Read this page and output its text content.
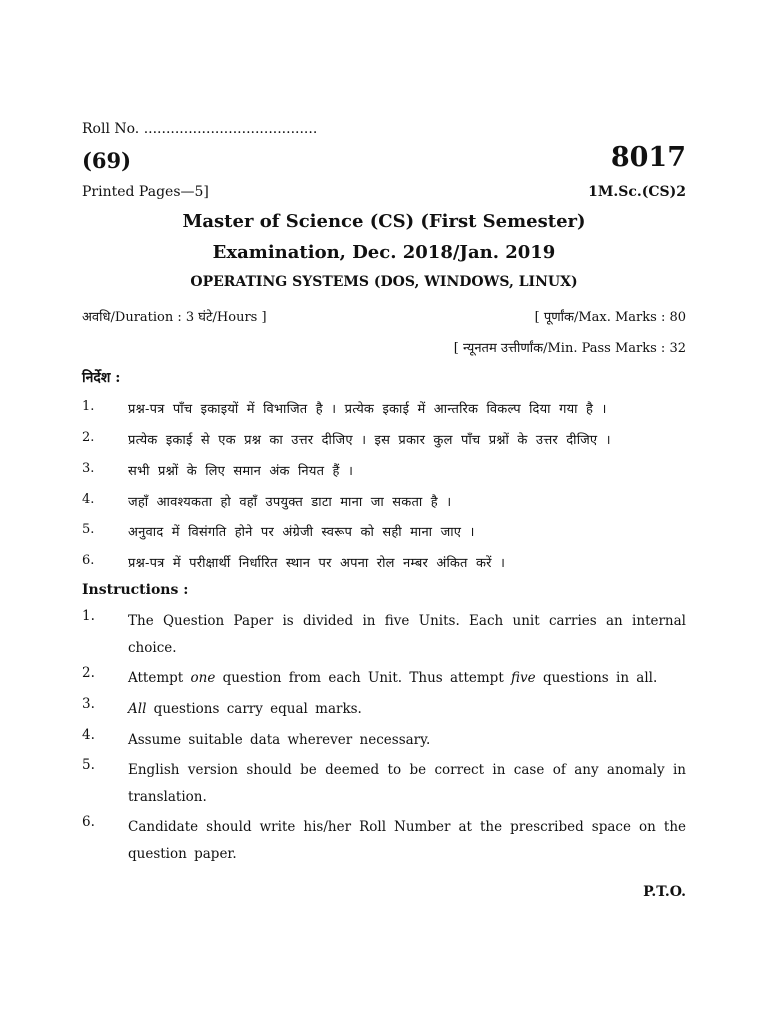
Roll No. .......................................
(69)	8017
Printed Pages—5]	1M.Sc.(CS)2
Master of Science (CS) (First Semester)
Examination, Dec. 2018/Jan. 2019
OPERATING SYSTEMS (DOS, WINDOWS, LINUX)
अवधि/Duration : 3 घंटे/Hours ]	[ पूर्णांक/Max. Marks : 80
[ न्यूनतम उत्तीर्णांक/Min. Pass Marks : 32
निर्देश :
1.	प्रश्न-पत्र पाँच इकाइयों में विभाजित है । प्रत्येक इकाई में आन्तरिक विकल्प दिया गया है ।
2.	प्रत्येक इकाई से एक प्रश्न का उत्तर दीजिए । इस प्रकार कुल पाँच प्रश्नों के उत्तर दीजिए ।
3.	सभी प्रश्नों के लिए समान अंक नियत हैं ।
4.	जहाँ आवश्यकता हो वहाँ उपयुक्त डाटा माना जा सकता है ।
5.	अनुवाद में विसंगति होने पर अंग्रेजी स्वरूप को सही माना जाए ।
6.	प्रश्न-पत्र में परीक्षार्थी निर्धारित स्थान पर अपना रोल नम्बर अंकित करें ।
Instructions :
1. The Question Paper is divided in five Units. Each unit carries an internal choice.
2. Attempt one question from each Unit. Thus attempt five questions in all.
3. All questions carry equal marks.
4. Assume suitable data wherever necessary.
5. English version should be deemed to be correct in case of any anomaly in translation.
6. Candidate should write his/her Roll Number at the prescribed space on the question paper.
P.T.O.
